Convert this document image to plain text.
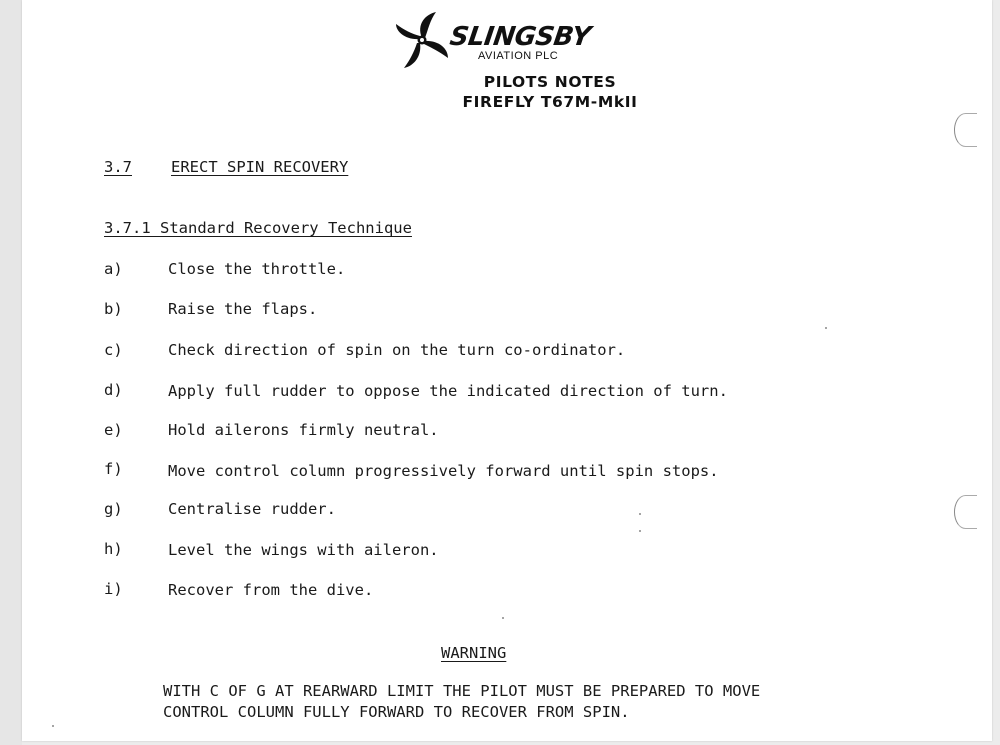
SLINGSBY
AVIATION PLC
PILOTS NOTES
FIREFLY T67M-MkII
3.7	ERECT SPIN RECOVERY
3.7.1 Standard Recovery Technique
a)	Close the throttle.
b)	Raise the flaps.
c)	Check direction of spin on the turn co-ordinator.
d)	Apply full rudder to oppose the indicated direction of turn.
e)	Hold ailerons firmly neutral.
f)	Move control column progressively forward until spin stops.
g)	Centralise rudder.
h)	Level the wings with aileron.
i)	Recover from the dive.
WARNING
WITH C OF G AT REARWARD LIMIT THE PILOT MUST BE PREPARED TO MOVE
CONTROL COLUMN FULLY FORWARD TO RECOVER FROM SPIN.
